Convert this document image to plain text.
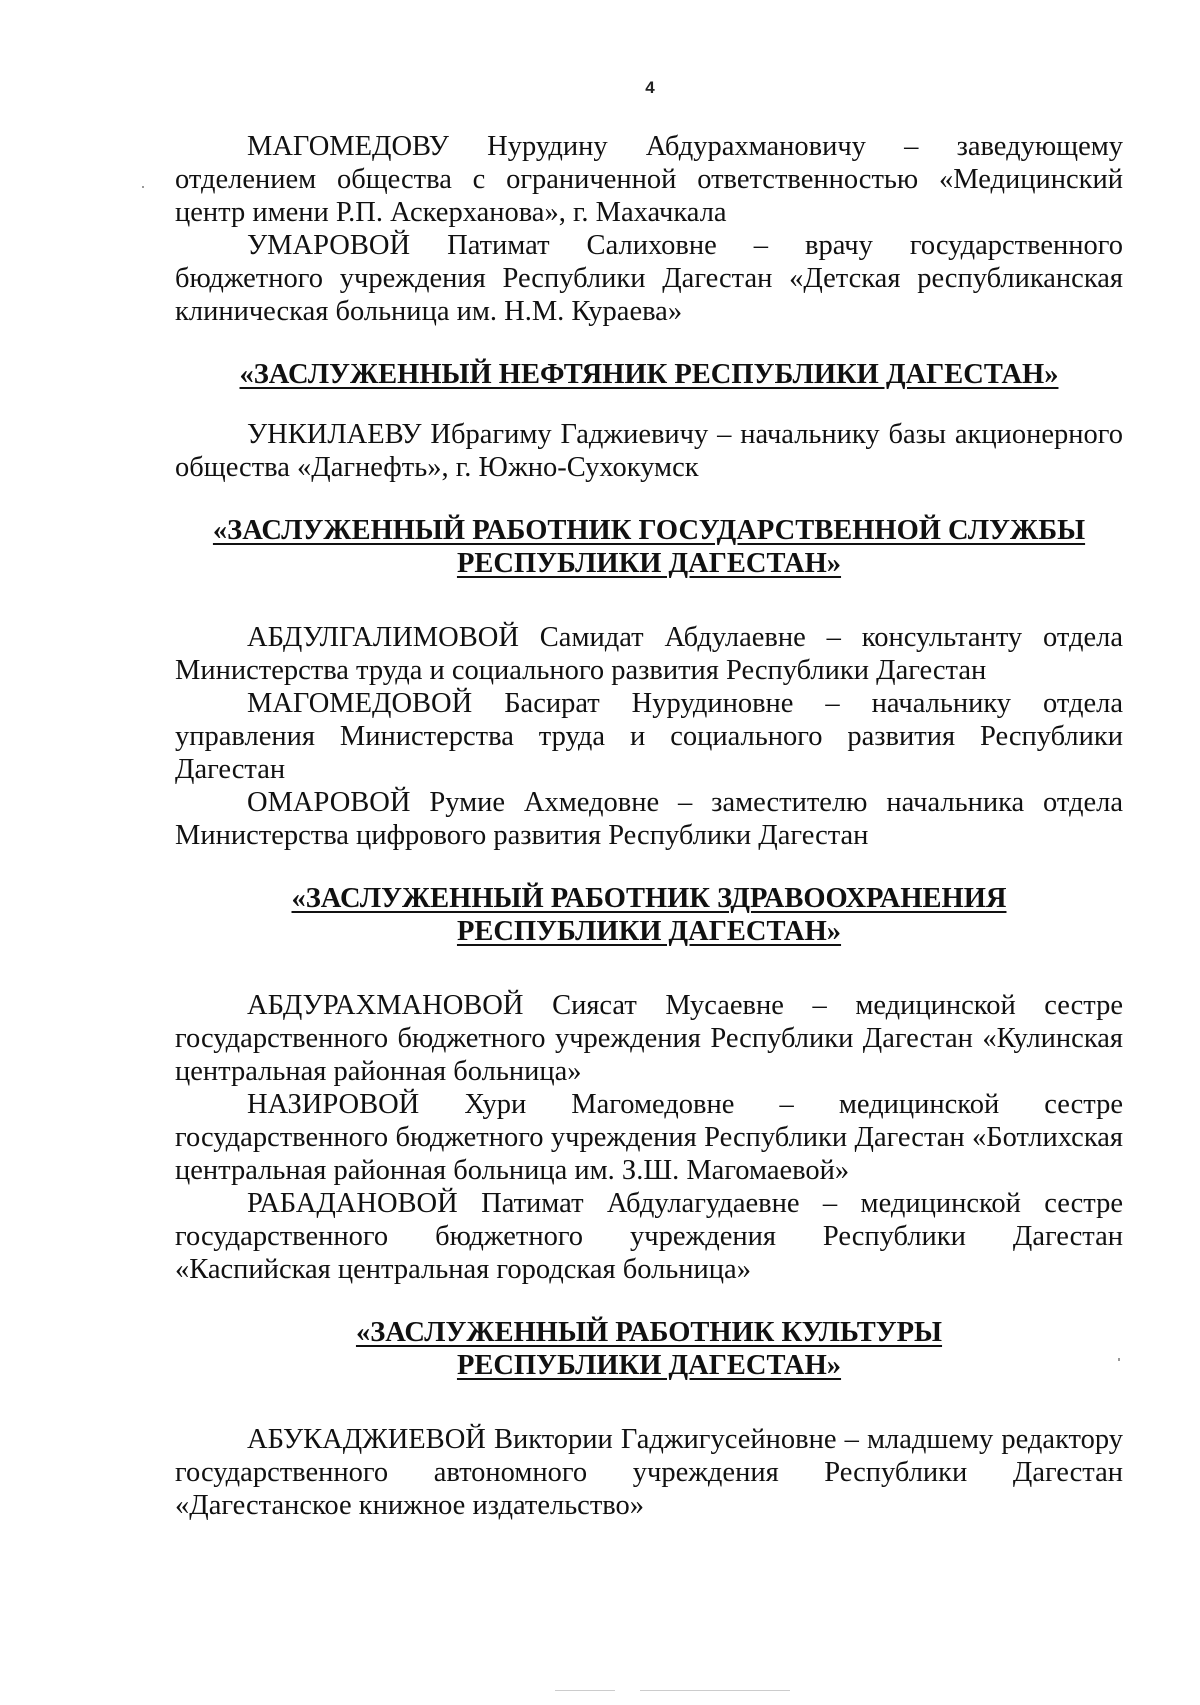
4

МАГОМЕДОВУ Нурудину Абдурахмановичу – заведующему отделением общества с ограниченной ответственностью «Медицинский центр имени Р.П. Аскерханова», г. Махачкала

УМАРОВОЙ Патимат Салиховне – врачу государственного бюджетного учреждения Республики Дагестан «Детская республиканская клиническая больница им. Н.М. Кураева»

«ЗАСЛУЖЕННЫЙ НЕФТЯНИК РЕСПУБЛИКИ ДАГЕСТАН»

УНКИЛАЕВУ Ибрагиму Гаджиевичу – начальнику базы акционерного общества «Дагнефть», г. Южно-Сухокумск

«ЗАСЛУЖЕННЫЙ РАБОТНИК ГОСУДАРСТВЕННОЙ СЛУЖБЫ
РЕСПУБЛИКИ ДАГЕСТАН»

АБДУЛГАЛИМОВОЙ Самидат Абдулаевне – консультанту отдела Министерства труда и социального развития Республики Дагестан

МАГОМЕДОВОЙ Басират Нурудиновне – начальнику отдела управления Министерства труда и социального развития Республики Дагестан

ОМАРОВОЙ Румие Ахмедовне – заместителю начальника отдела Министерства цифрового развития Республики Дагестан

«ЗАСЛУЖЕННЫЙ РАБОТНИК ЗДРАВООХРАНЕНИЯ
РЕСПУБЛИКИ ДАГЕСТАН»

АБДУРАХМАНОВОЙ Сиясат Мусаевне – медицинской сестре государственного бюджетного учреждения Республики Дагестан «Кулинская центральная районная больница»

НАЗИРОВОЙ Хури Магомедовне – медицинской сестре государственного бюджетного учреждения Республики Дагестан «Ботлихская центральная районная больница им. З.Ш. Магомаевой»

РАБАДАНОВОЙ Патимат Абдулагудаевне – медицинской сестре государственного бюджетного учреждения Республики Дагестан «Каспийская центральная городская больница»

«ЗАСЛУЖЕННЫЙ РАБОТНИК КУЛЬТУРЫ
РЕСПУБЛИКИ ДАГЕСТАН»

АБУКАДЖИЕВОЙ Виктории Гаджигусейновне – младшему редактору государственного автономного учреждения Республики Дагестан «Дагестанское книжное издательство»
